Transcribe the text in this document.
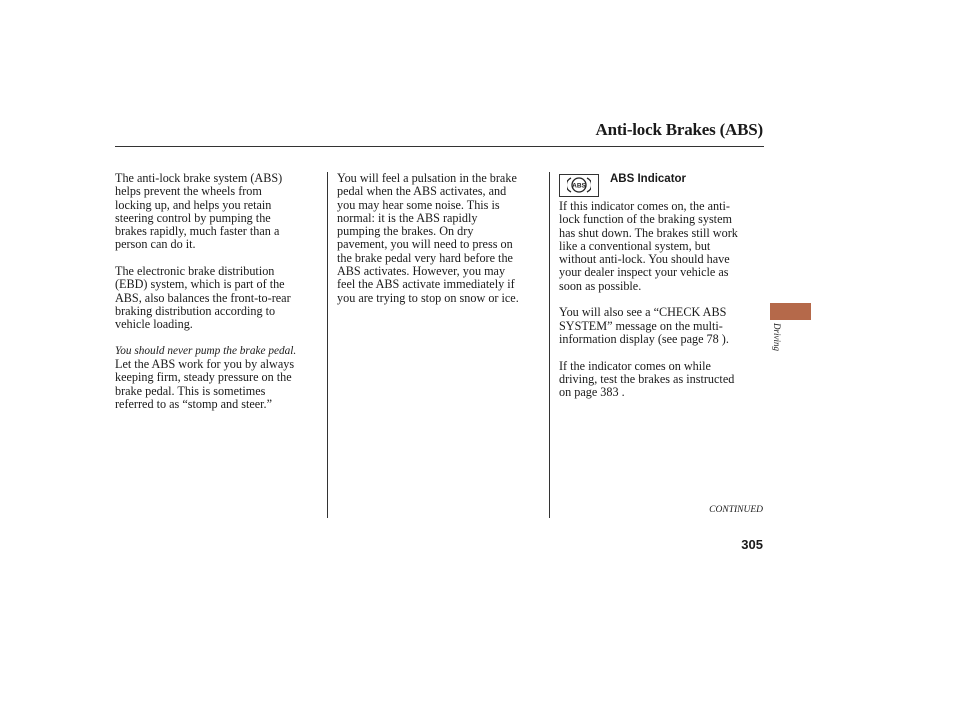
Anti-lock Brakes (ABS)

The anti-lock brake system (ABS)
helps prevent the wheels from
locking up, and helps you retain
steering control by pumping the
brakes rapidly, much faster than a
person can do it.

The electronic brake distribution
(EBD) system, which is part of the
ABS, also balances the front-to-rear
braking distribution according to
vehicle loading.

You should never pump the brake pedal.

Let the ABS work for you by always
keeping firm, steady pressure on the
brake pedal. This is sometimes
referred to as “stomp and steer.”

You will feel a pulsation in the brake
pedal when the ABS activates, and
you may hear some noise. This is
normal: it is the ABS rapidly
pumping the brakes. On dry
pavement, you will need to press on
the brake pedal very hard before the
ABS activates. However, you may
feel the ABS activate immediately if
you are trying to stop on snow or ice.

ABS
ABS Indicator

If this indicator comes on, the anti-
lock function of the braking system
has shut down. The brakes still work
like a conventional system, but
without anti-lock. You should have
your dealer inspect your vehicle as
soon as possible.

You will also see a “CHECK ABS
SYSTEM” message on the multi-
information display (see page 78 ).

If the indicator comes on while
driving, test the brakes as instructed
on page 383 .

Driving
CONTINUED
305
